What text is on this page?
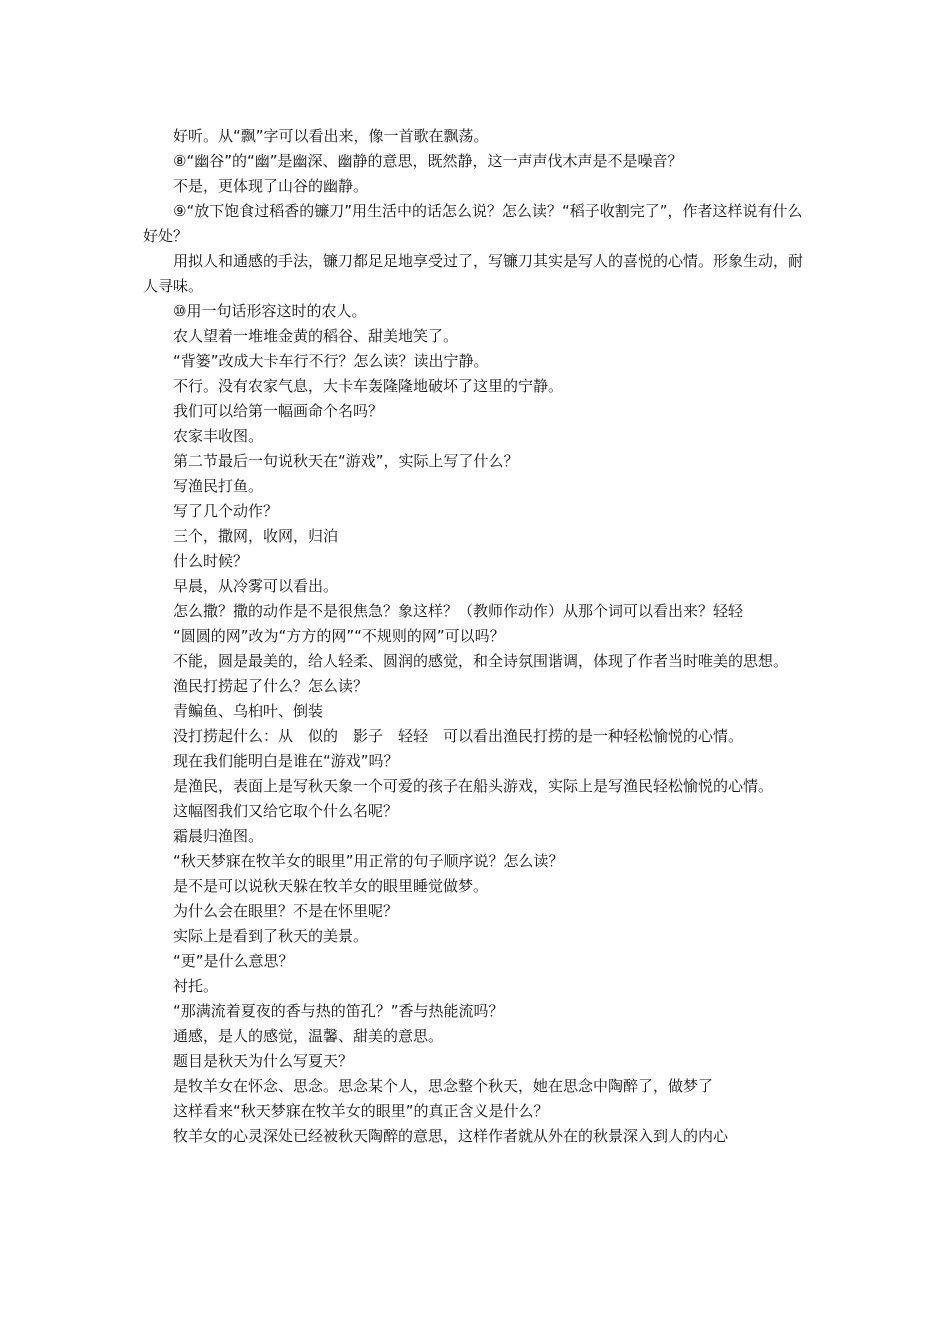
好听。从“飘”字可以看出来，像一首歌在飘荡。

⑧“幽谷”的“幽”是幽深、幽静的意思，既然静，这一声声伐木声是不是噪音？

不是，更体现了山谷的幽静。

⑨“放下饱食过稻香的镰刀”用生活中的话怎么说？怎么读？“稻子收割完了”，作者这样说有什么好处？

用拟人和通感的手法，镰刀都足足地享受过了，写镰刀其实是写人的喜悦的心情。形象生动，耐人寻味。

⑩用一句话形容这时的农人。

农人望着一堆堆金黄的稻谷、甜美地笑了。

“背篓”改成大卡车行不行？怎么读？读出宁静。

不行。没有农家气息，大卡车轰隆隆地破坏了这里的宁静。

我们可以给第一幅画命个名吗？

农家丰收图。

第二节最后一句说秋天在“游戏”，实际上写了什么？

写渔民打鱼。

写了几个动作？

三个，撒网，收网，归泊

什么时候？

早晨，从冷雾可以看出。

怎么撒？撒的动作是不是很焦急？象这样？（教师作动作）从那个词可以看出来？轻轻

“圆圆的网”改为“方方的网”“不规则的网”可以吗？

不能，圆是最美的，给人轻柔、圆润的感觉，和全诗氛围谐调，体现了作者当时唯美的思想。

渔民打捞起了什么？怎么读？

青鳊鱼、乌桕叶、倒装

没打捞起什么：从　似的　影子　轻轻　可以看出渔民打捞的是一种轻松愉悦的心情。

现在我们能明白是谁在“游戏”吗？

是渔民，表面上是写秋天象一个可爱的孩子在船头游戏，实际上是写渔民轻松愉悦的心情。

这幅图我们又给它取个什么名呢？

霜晨归渔图。

“秋天梦寐在牧羊女的眼里”用正常的句子顺序说？怎么读？

是不是可以说秋天躲在牧羊女的眼里睡觉做梦。

为什么会在眼里？不是在怀里呢？

实际上是看到了秋天的美景。

“更”是什么意思？

衬托。

“那满流着夏夜的香与热的笛孔？”香与热能流吗？

通感，是人的感觉，温馨、甜美的意思。

题目是秋天为什么写夏天？

是牧羊女在怀念、思念。思念某个人，思念整个秋天，她在思念中陶醉了，做梦了

这样看来“秋天梦寐在牧羊女的眼里”的真正含义是什么？

牧羊女的心灵深处已经被秋天陶醉的意思，这样作者就从外在的秋景深入到人的内心
